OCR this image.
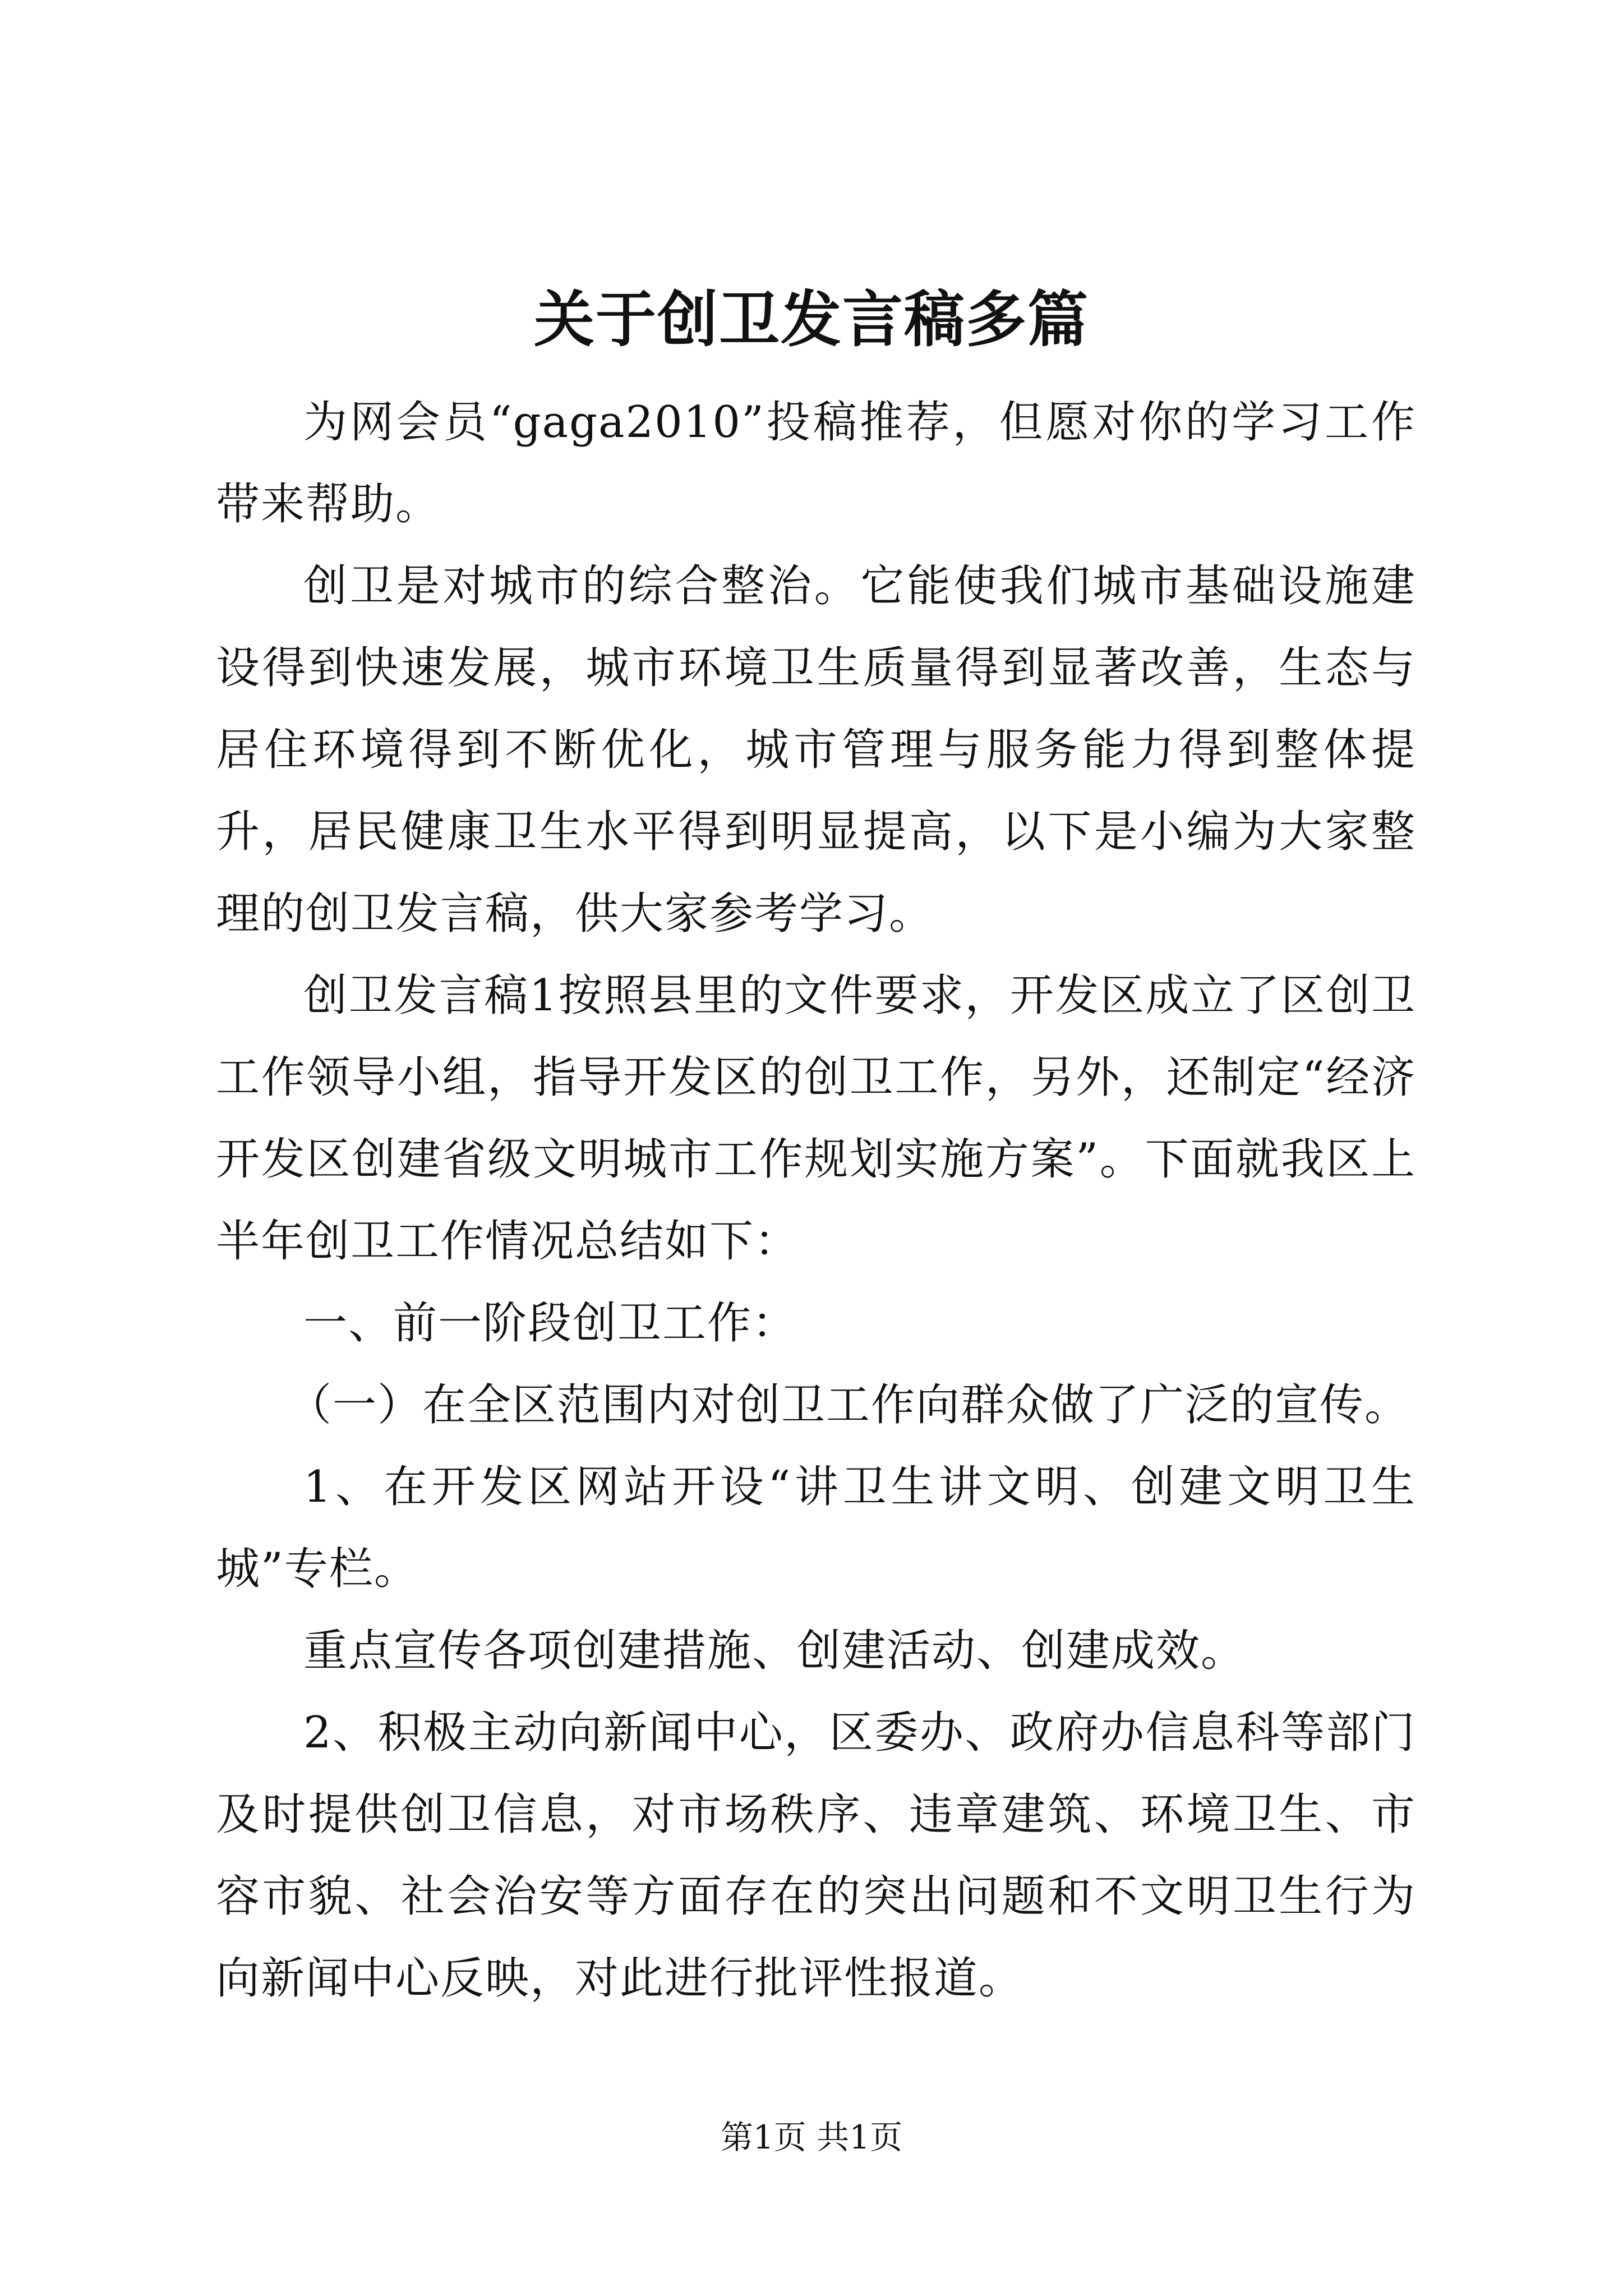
关于创卫发言稿多篇

为网会员“gaga2010”投稿推荐，但愿对你的学习工作带来帮助。

创卫是对城市的综合整治。它能使我们城市基础设施建设得到快速发展，城市环境卫生质量得到显著改善，生态与居住环境得到不断优化，城市管理与服务能力得到整体提升，居民健康卫生水平得到明显提高，以下是小编为大家整理的创卫发言稿，供大家参考学习。

创卫发言稿1按照县里的文件要求，开发区成立了区创卫工作领导小组，指导开发区的创卫工作，另外，还制定“经济开发区创建省级文明城市工作规划实施方案”。下面就我区上半年创卫工作情况总结如下：

一、前一阶段创卫工作：

（一）在全区范围内对创卫工作向群众做了广泛的宣传。

1、在开发区网站开设“讲卫生讲文明、创建文明卫生城”专栏。

重点宣传各项创建措施、创建活动、创建成效。

2、积极主动向新闻中心，区委办、政府办信息科等部门及时提供创卫信息，对市场秩序、违章建筑、环境卫生、市容市貌、社会治安等方面存在的突出问题和不文明卫生行为向新闻中心反映，对此进行批评性报道。

第1页 共1页
